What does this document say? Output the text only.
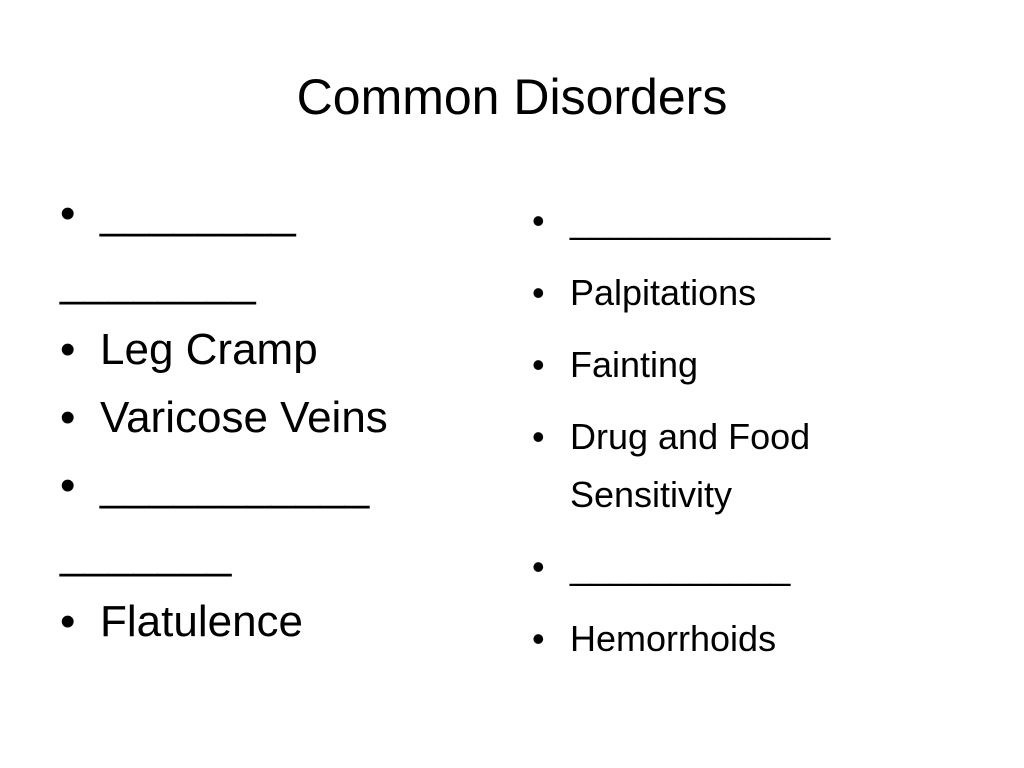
Common Disorders
• ________ ________
• Leg Cramp
• Varicose Veins
• ___________ _______
• Flatulence
• _____________
• Palpitations
• Fainting
• Drug and Food Sensitivity
• ___________
• Hemorrhoids
